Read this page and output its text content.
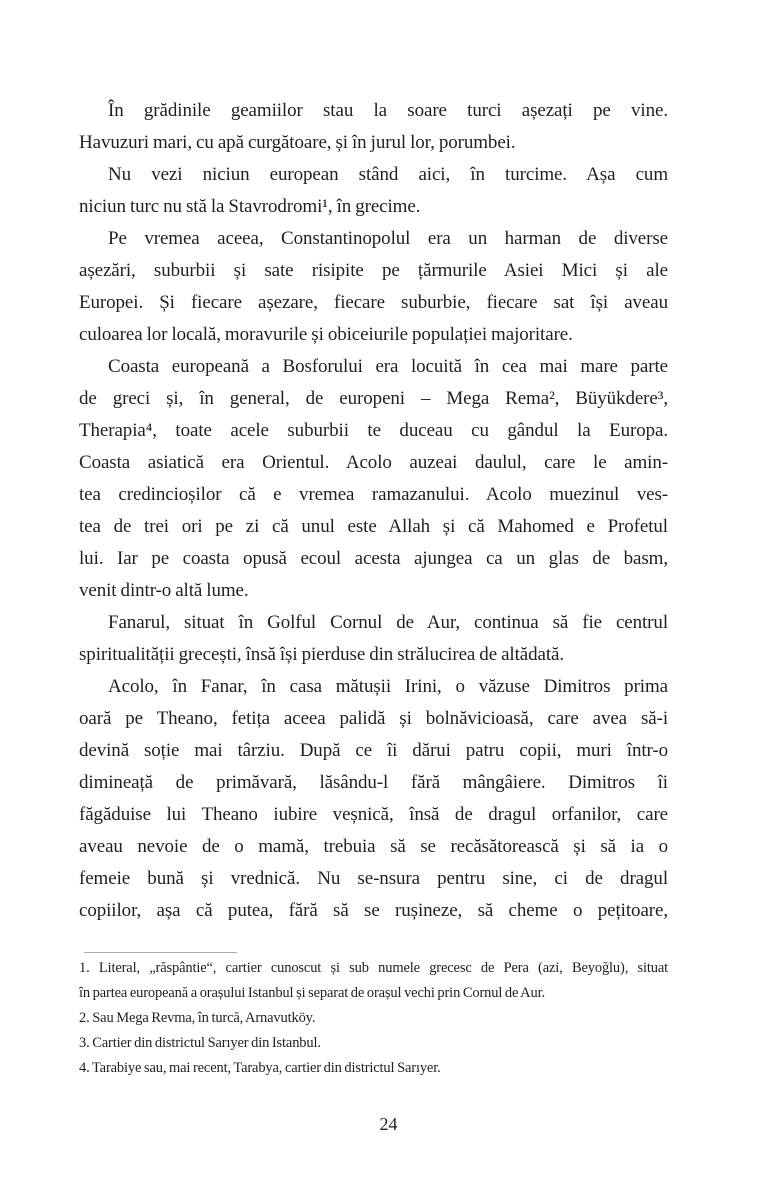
În grădinile geamiilor stau la soare turci așezați pe vine.
Havuzuri mari, cu apă curgătoare, și în jurul lor, porumbei.
Nu vezi niciun european stând aici, în turcime. Așa cum
niciun turc nu stă la Stavrodromi¹, în grecime.
Pe vremea aceea, Constantinopolul era un harman de diverse
așezări, suburbii și sate risipite pe țărmurile Asiei Mici și ale
Europei. Și fiecare așezare, fiecare suburbie, fiecare sat își aveau
culoarea lor locală, moravurile și obiceiurile populației majoritare.
Coasta europeană a Bosforului era locuită în cea mai mare parte
de greci și, în general, de europeni – Mega Rema², Büyükdere³,
Therapia⁴, toate acele suburbii te duceau cu gândul la Europa.
Coasta asiatică era Orientul. Acolo auzeai daulul, care le amin-
tea credincioșilor că e vremea ramazanului. Acolo muezinul ves-
tea de trei ori pe zi că unul este Allah și că Mahomed e Profetul
lui. Iar pe coasta opusă ecoul acesta ajungea ca un glas de basm,
venit dintr-o altă lume.
Fanarul, situat în Golful Cornul de Aur, continua să fie centrul
spiritualității grecești, însă își pierduse din strălucirea de altădată.
Acolo, în Fanar, în casa mătușii Irini, o văzuse Dimitros prima
oară pe Theano, fetița aceea palidă și bolnăvicioasă, care avea să-i
devină soție mai târziu. După ce îi dărui patru copii, muri într-o
dimineață de primăvară, lăsându-l fără mângâiere. Dimitros îi
făgăduise lui Theano iubire veșnică, însă de dragul orfanilor, care
aveau nevoie de o mamă, trebuia să se recăsătorească și să ia o
femeie bună și vrednică. Nu se-nsura pentru sine, ci de dragul
copiilor, așa că putea, fără să se rușineze, să cheme o pețitoare,
1. Literal, „răspântie“, cartier cunoscut și sub numele grecesc de Pera (azi, Beyoğlu), situat
în partea europeană a orașului Istanbul și separat de orașul vechi prin Cornul de Aur.
2. Sau Mega Revma, în turcă, Arnavutköy.
3. Cartier din districtul Sarıyer din Istanbul.
4. Tarabiye sau, mai recent, Tarabya, cartier din districtul Sarıyer.
24
